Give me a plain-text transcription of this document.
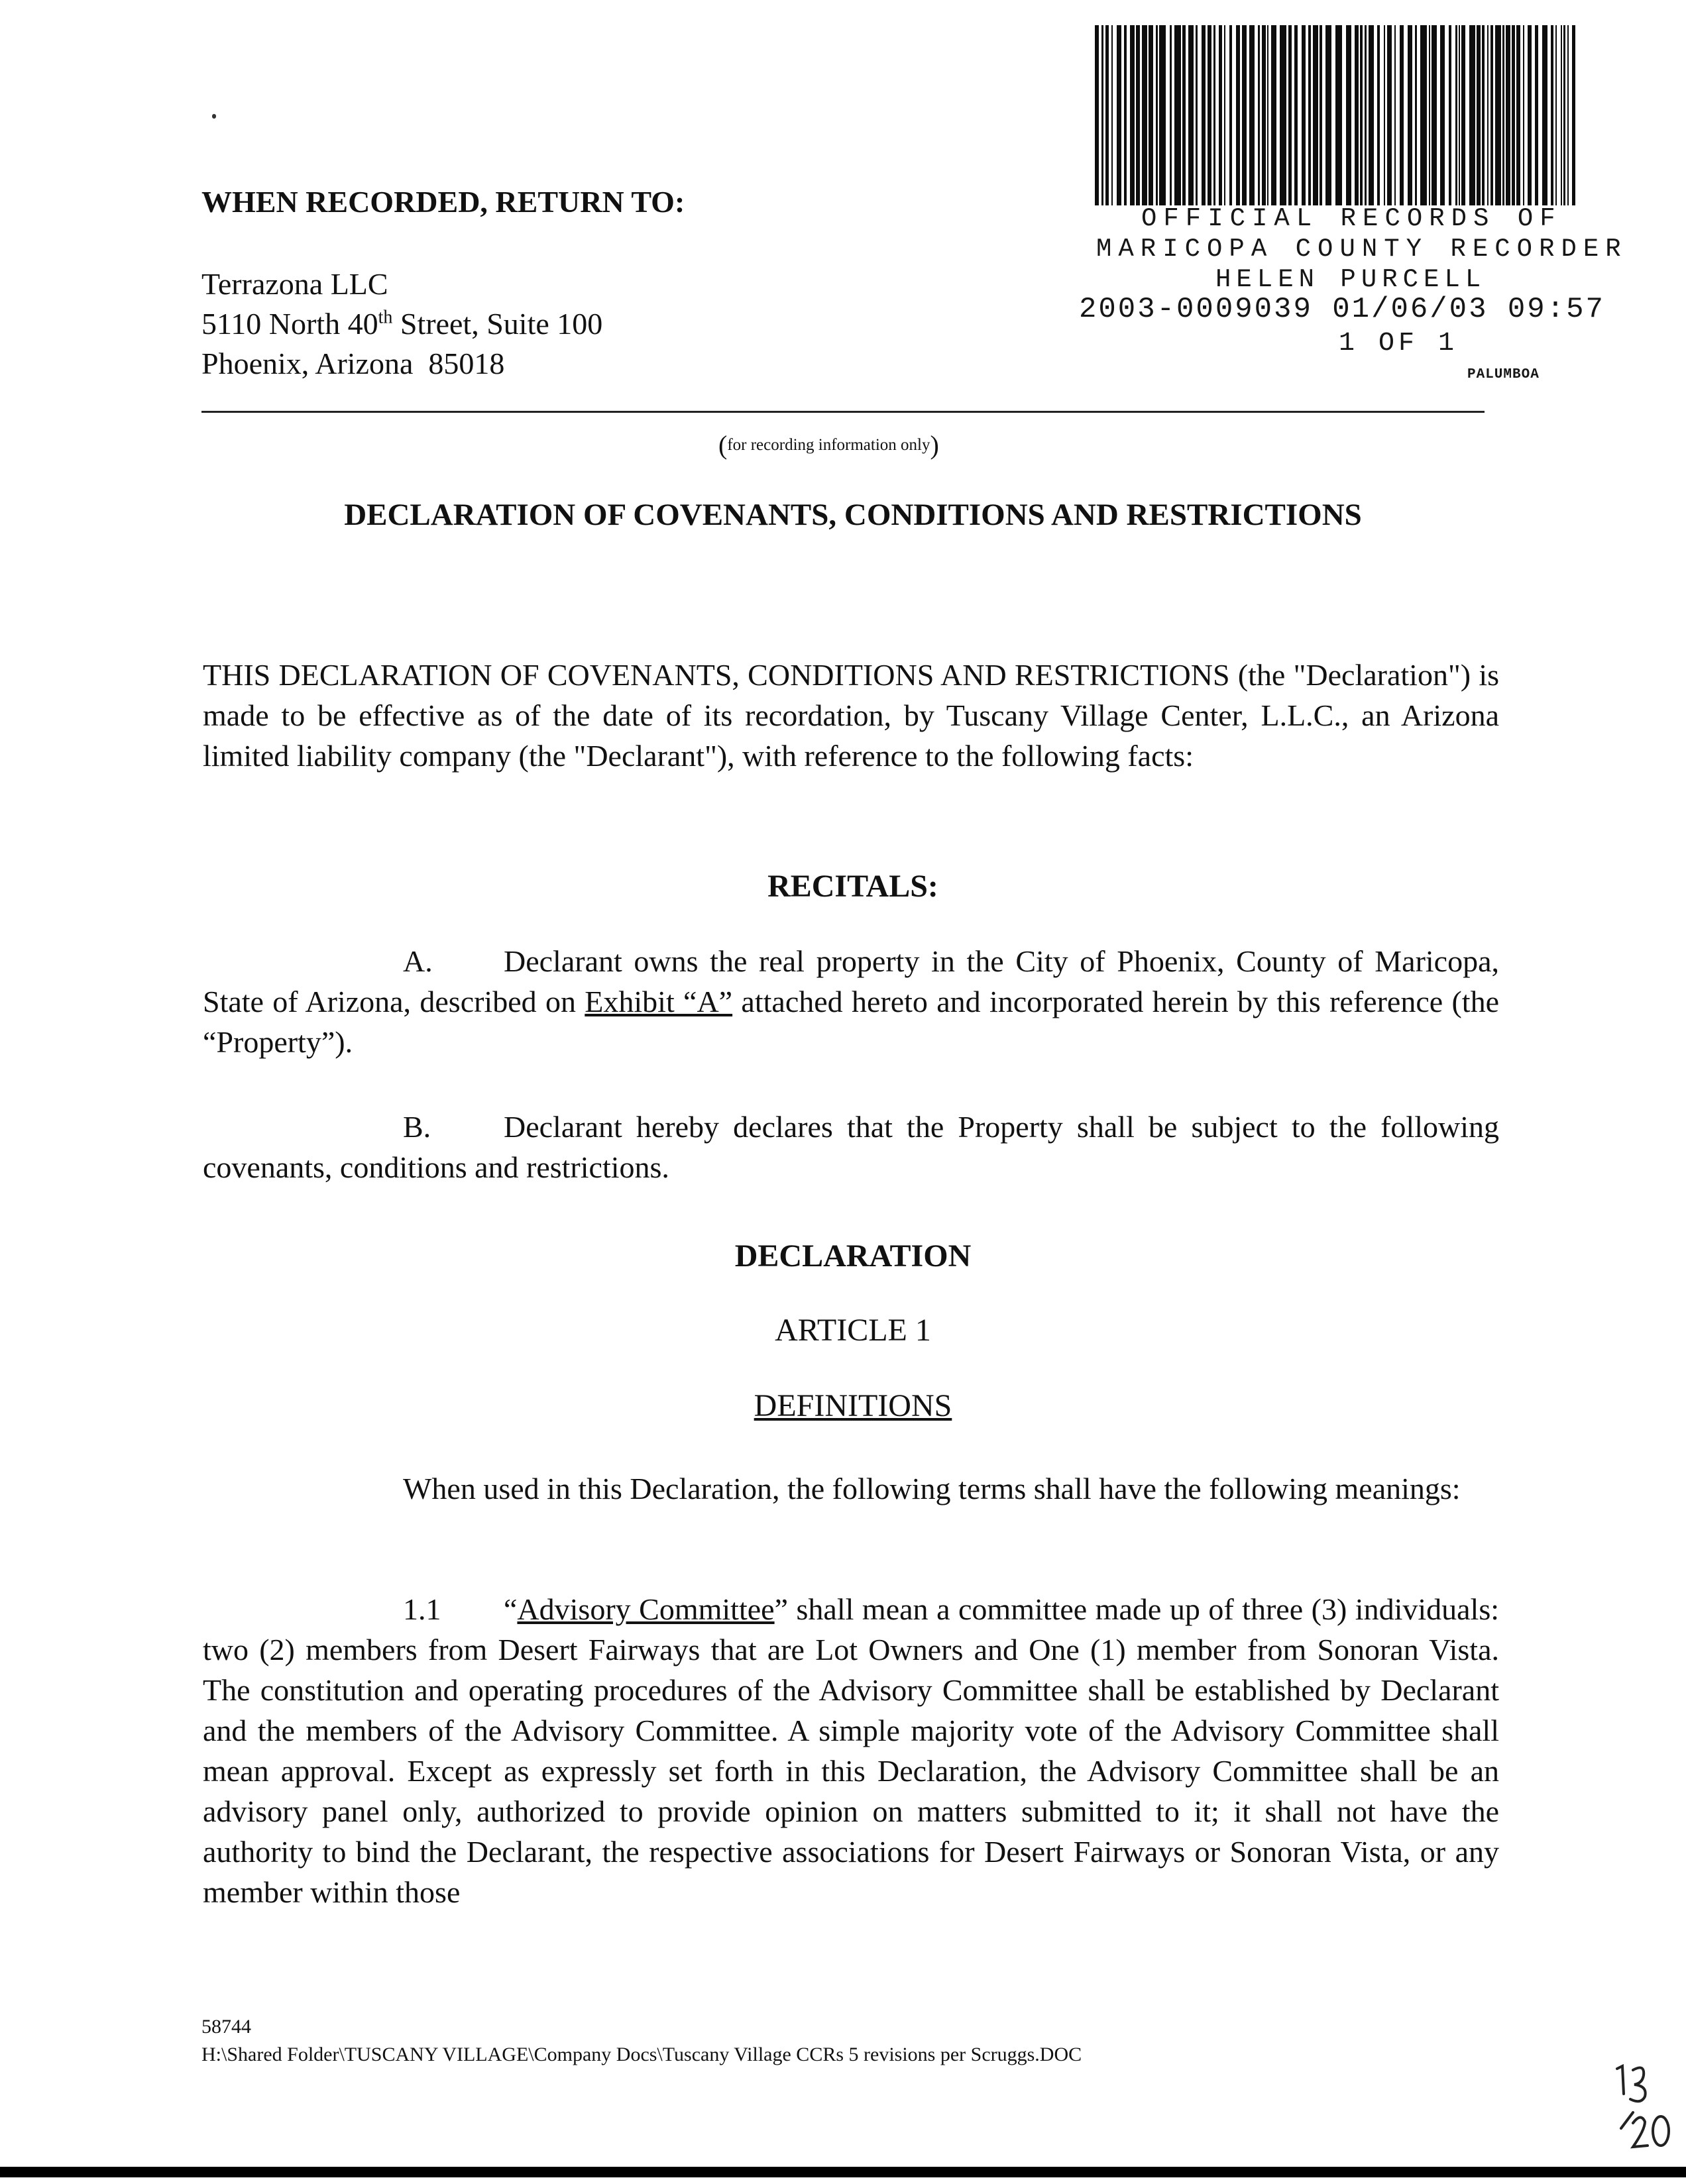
OFFICIAL RECORDS OF
MARICOPA COUNTY RECORDER
HELEN PURCELL
2003-0009039 01/06/03 09:57
1 OF 1
PALUMBOA
WHEN RECORDED, RETURN TO:
Terrazona LLC
5110 North 40th Street, Suite 100
Phoenix, Arizona  85018
(for recording information only)
DECLARATION OF COVENANTS, CONDITIONS AND RESTRICTIONS
THIS DECLARATION OF COVENANTS, CONDITIONS AND RESTRICTIONS (the "Declaration") is made to be effective as of the date of its recordation, by Tuscany Village Center, L.L.C., an Arizona limited liability company (the "Declarant"), with reference to the following facts:
RECITALS:
A. Declarant owns the real property in the City of Phoenix, County of Maricopa, State of Arizona, described on Exhibit “A” attached hereto and incorporated herein by this reference (the “Property”).
B. Declarant hereby declares that the Property shall be subject to the following covenants, conditions and restrictions.
DECLARATION
ARTICLE 1
DEFINITIONS
When used in this Declaration, the following terms shall have the following meanings:
1.1 “Advisory Committee” shall mean a committee made up of three (3) individuals: two (2) members from Desert Fairways that are Lot Owners and One (1) member from Sonoran Vista. The constitution and operating procedures of the Advisory Committee shall be established by Declarant and the members of the Advisory Committee. A simple majority vote of the Advisory Committee shall mean approval. Except as expressly set forth in this Declaration, the Advisory Committee shall be an advisory panel only, authorized to provide opinion on matters submitted to it; it shall not have the authority to bind the Declarant, the respective associations for Desert Fairways or Sonoran Vista, or any member within those
58744
H:\Shared Folder\TUSCANY VILLAGE\Company Docs\Tuscany Village CCRs 5 revisions per Scruggs.DOC
